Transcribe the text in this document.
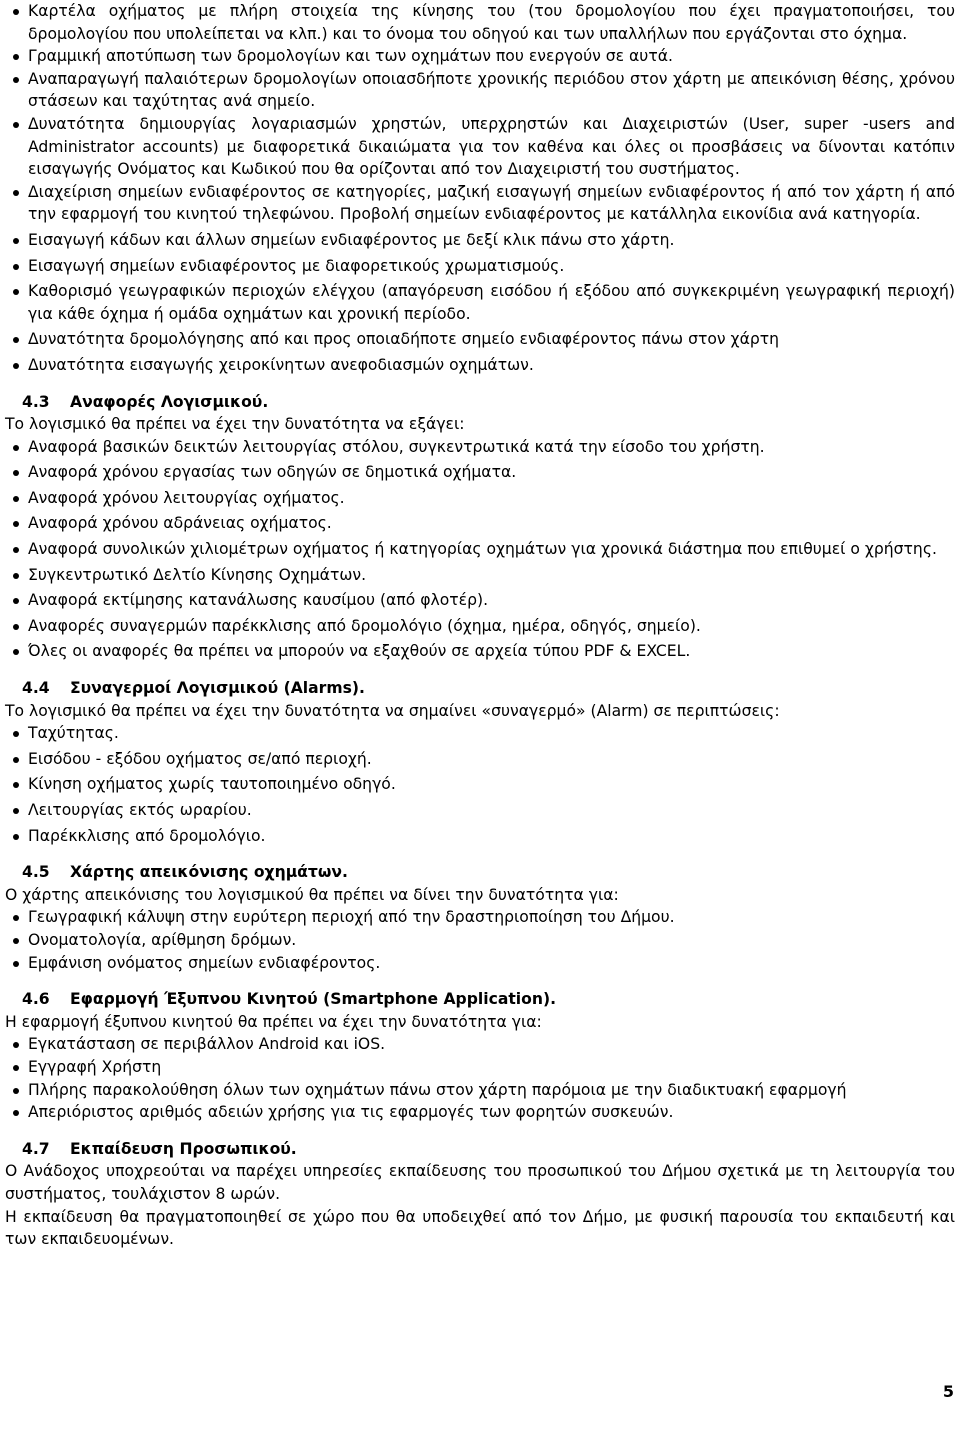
Καρτέλα οχήματος με πλήρη στοιχεία της κίνησης του (του δρομολογίου που έχει πραγματοποιήσει, του δρομολογίου που υπολείπεται να κλπ.) και το όνομα του οδηγού και των υπαλλήλων που εργάζονται στο όχημα.
Γραμμική αποτύπωση των δρομολογίων και των οχημάτων που ενεργούν σε αυτά.
Αναπαραγωγή παλαιότερων δρομολογίων οποιασδήποτε χρονικής περιόδου στον χάρτη με απεικόνιση θέσης, χρόνου στάσεων και ταχύτητας ανά σημείο.
Δυνατότητα δημιουργίας λογαριασμών χρηστών, υπερχρηστών και Διαχειριστών (User, super -users and Administrator accounts) με διαφορετικά δικαιώματα για τον καθένα και όλες οι προσβάσεις να δίνονται κατόπιν εισαγωγής Ονόματος και Κωδικού που θα ορίζονται από τον Διαχειριστή του συστήματος.
Διαχείριση σημείων ενδιαφέροντος σε κατηγορίες, μαζική εισαγωγή σημείων ενδιαφέροντος ή από τον χάρτη ή από την εφαρμογή του κινητού τηλεφώνου. Προβολή σημείων ενδιαφέροντος με κατάλληλα εικονίδια ανά κατηγορία.
Εισαγωγή κάδων και άλλων σημείων ενδιαφέροντος με δεξί κλικ πάνω στο χάρτη.
Εισαγωγή σημείων ενδιαφέροντος με διαφορετικούς χρωματισμούς.
Καθορισμό γεωγραφικών περιοχών ελέγχου (απαγόρευση εισόδου ή εξόδου από συγκεκριμένη γεωγραφική περιοχή) για κάθε όχημα ή ομάδα οχημάτων και χρονική περίοδο.
Δυνατότητα δρομολόγησης από και προς οποιαδήποτε σημείο ενδιαφέροντος πάνω στον χάρτη
Δυνατότητα εισαγωγής χειροκίνητων ανεφοδιασμών οχημάτων.
4.3 Αναφορές Λογισμικού.

Το λογισμικό θα πρέπει να έχει την δυνατότητα να εξάγει:

Αναφορά βασικών δεικτών λειτουργίας στόλου, συγκεντρωτικά κατά την είσοδο του χρήστη.
Αναφορά χρόνου εργασίας των οδηγών σε δημοτικά οχήματα.
Αναφορά χρόνου λειτουργίας οχήματος.
Αναφορά χρόνου αδράνειας οχήματος.
Αναφορά συνολικών χιλιομέτρων οχήματος ή κατηγορίας οχημάτων για χρονικά διάστημα που επιθυμεί ο χρήστης.
Συγκεντρωτικό Δελτίο Κίνησης Οχημάτων.
Αναφορά εκτίμησης κατανάλωσης καυσίμου (από φλοτέρ).
Αναφορές συναγερμών παρέκκλισης από δρομολόγιο (όχημα, ημέρα, οδηγός, σημείο).
Όλες οι αναφορές θα πρέπει να μπορούν να εξαχθούν σε αρχεία τύπου PDF & EXCEL.
4.4 Συναγερμοί Λογισμικού (Alarms).

Το λογισμικό θα πρέπει να έχει την δυνατότητα να σημαίνει «συναγερμό» (Alarm) σε περιπτώσεις:

Ταχύτητας.
Εισόδου - εξόδου οχήματος σε/από περιοχή.
Κίνηση οχήματος χωρίς ταυτοποιημένο οδηγό.
Λειτουργίας εκτός ωραρίου.
Παρέκκλισης από δρομολόγιο.
4.5 Χάρτης απεικόνισης οχημάτων.

Ο χάρτης απεικόνισης του λογισμικού θα πρέπει να δίνει την δυνατότητα για:

Γεωγραφική κάλυψη στην ευρύτερη περιοχή από την δραστηριοποίηση του Δήμου.
Ονοματολογία, αρίθμηση δρόμων.
Εμφάνιση ονόματος σημείων ενδιαφέροντος.
4.6 Εφαρμογή Έξυπνου Κινητού (Smartphone Application).

Η εφαρμογή έξυπνου κινητού θα πρέπει να έχει την δυνατότητα για:

Εγκατάσταση σε περιβάλλον Android και iOS.
Εγγραφή Χρήστη
Πλήρης παρακολούθηση όλων των οχημάτων πάνω στον χάρτη παρόμοια με την διαδικτυακή εφαρμογή
Απεριόριστος αριθμός αδειών χρήσης για τις εφαρμογές των φορητών συσκευών.
4.7 Εκπαίδευση Προσωπικού.

Ο Ανάδοχος υποχρεούται να παρέχει υπηρεσίες εκπαίδευσης του προσωπικού του Δήμου σχετικά με τη λειτουργία του συστήματος, τουλάχιστον 8 ωρών.

Η εκπαίδευση θα πραγματοποιηθεί σε χώρο που θα υποδειχθεί από τον Δήμο, με φυσική παρουσία του εκπαιδευτή και των εκπαιδευομένων.

5
